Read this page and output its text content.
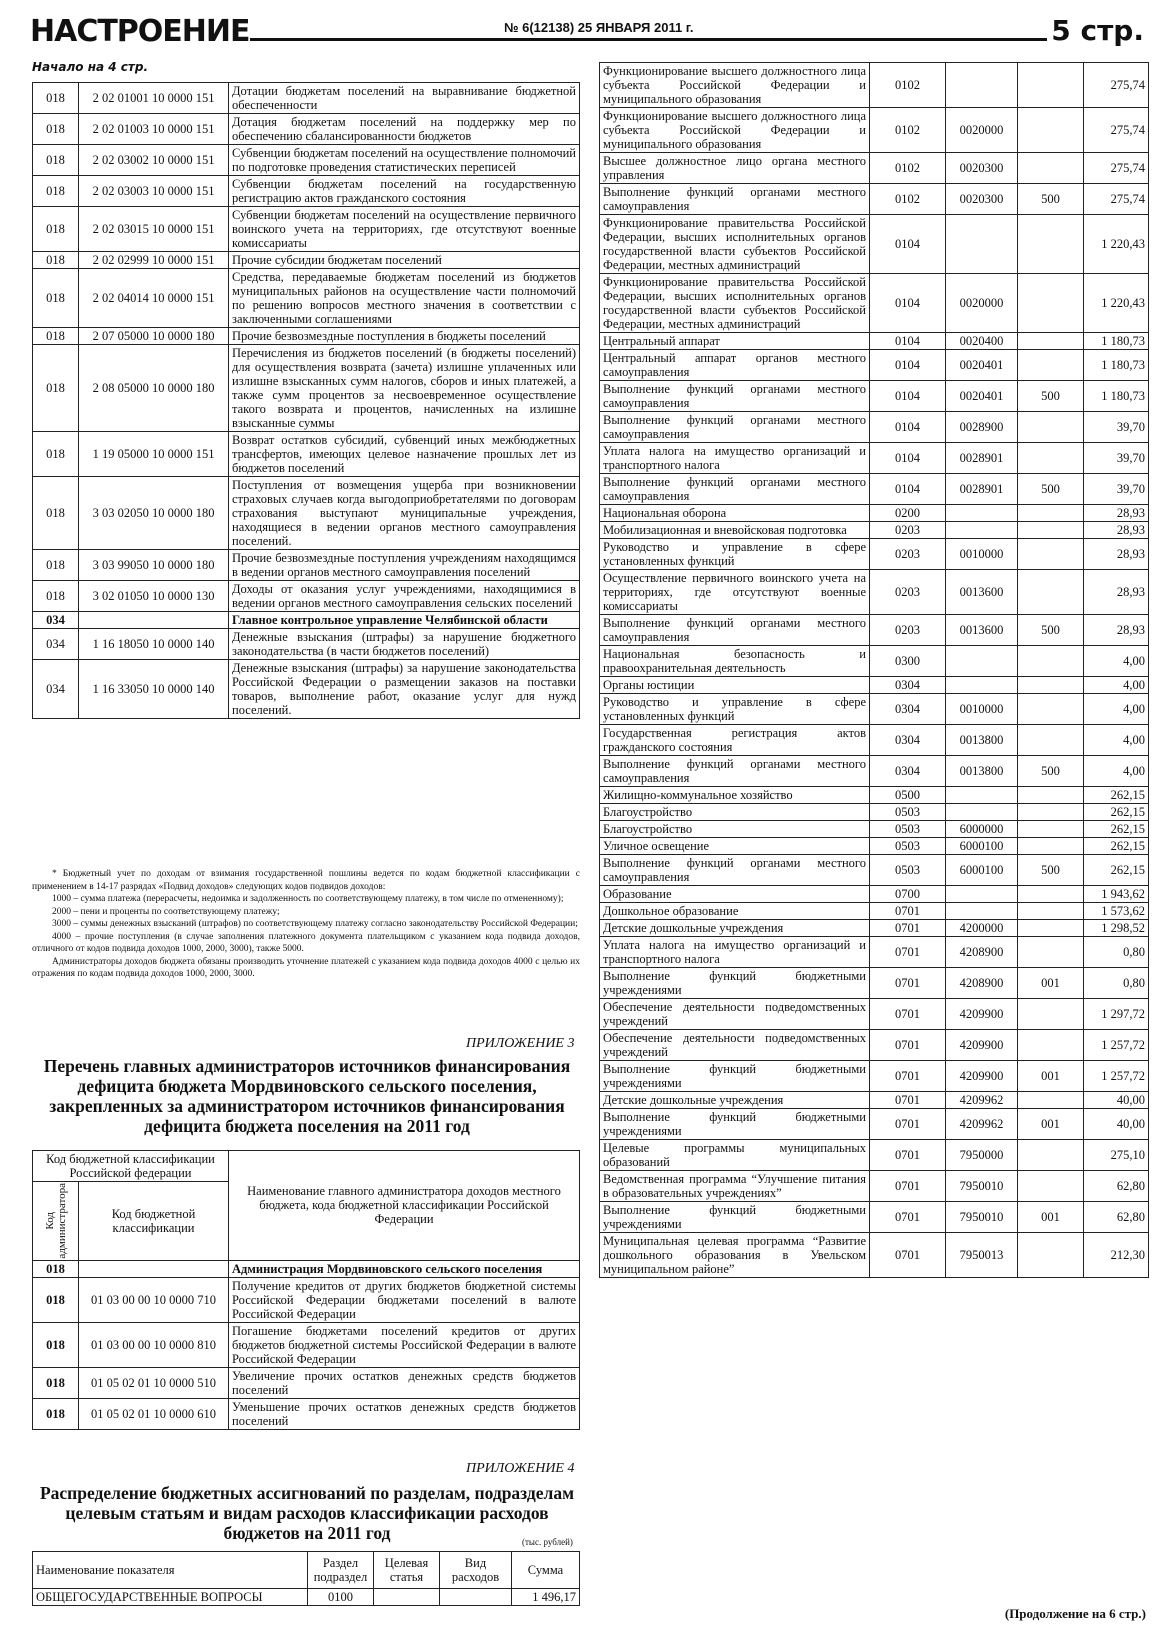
НАСТРОЕНИЕ	№ 6(12138) 25 ЯНВАРЯ 2011 г.	5 стр.
Начало на 4 стр.
018	2 02 01001 10 0000 151	Дотации бюджетам поселений на выравнивание бюджетной обеспеченности
018	2 02 01003 10 0000 151	Дотация бюджетам поселений на поддержку мер по обеспечению сбалансированности бюджетов
018	2 02 03002 10 0000 151	Субвенции бюджетам поселений на осуществление полномочий по подготовке проведения статистических переписей
018	2 02 03003 10 0000 151	Субвенции бюджетам поселений на государственную регистрацию актов гражданского состояния
018	2 02 03015 10 0000 151	Субвенции бюджетам поселений на осуществление первичного воинского учета на территориях, где отсутствуют военные комиссариаты
018	2 02 02999 10 0000 151	Прочие субсидии бюджетам поселений
018	2 02 04014 10 0000 151	Средства, передаваемые бюджетам поселений из бюджетов муниципальных районов на осуществление части полномочий по решению вопросов местного значения в соответствии с заключенными соглашениями
018	2 07 05000 10 0000 180	Прочие безвозмездные поступления в бюджеты поселений
018	2 08 05000 10 0000 180	Перечисления из бюджетов поселений (в бюджеты поселений) для осуществления возврата (зачета) излишне уплаченных или излишне взысканных сумм налогов, сборов и иных платежей, а также сумм процентов за несвоевременное осуществление такого возврата и процентов, начисленных на излишне взысканные суммы
018	1 19 05000 10 0000 151	Возврат остатков субсидий, субвенций иных межбюджетных трансфертов, имеющих целевое назначение прошлых лет из бюджетов поселений
018	3 03 02050 10 0000 180	Поступления от возмещения ущерба при возникновении страховых случаев когда выгодоприобретателями по договорам страхования выступают муниципальные учреждения, находящиеся в ведении органов местного самоуправления поселений.
018	3 03 99050 10 0000 180	Прочие безвозмездные поступления учреждениям находящимся в ведении органов местного самоуправления поселений
018	3 02 01050 10 0000 130	Доходы от оказания услуг учреждениями, находящимися в ведении органов местного самоуправления сельских поселений
034		Главное контрольное управление Челябинской области
034	1 16 18050 10 0000 140	Денежные взыскания (штрафы) за нарушение бюджетного законодательства (в части бюджетов поселений)
034	1 16 33050 10 0000 140	Денежные взыскания (штрафы) за нарушение законодательства Российской Федерации о размещении заказов на поставки товаров, выполнение работ, оказание услуг для нужд поселений.

* Бюджетный учет по доходам от взимания государственной пошлины ведется по кодам бюджетной классификации с применением в 14-17 разрядах «Подвид доходов» следующих кодов подвидов доходов:

1000 – сумма платежа (перерасчеты, недоимка и задолженность по соответствующему платежу, в том числе по отмененному);

2000 – пени и проценты по соответствующему платежу;

3000 – суммы денежных взысканий (штрафов) по соответствующему платежу согласно законодательству Российской Федерации;

4000 – прочие поступления (в случае заполнения платежного документа плательщиком с указанием кода подвида доходов, отличного от кодов подвида доходов 1000, 2000, 3000), также 5000.

Администраторы доходов бюджета обязаны производить уточнение платежей с указанием кода подвида доходов 4000 с целью их отражения по кодам подвида доходов 1000, 2000, 3000.

ПРИЛОЖЕНИЕ 3
Перечень главных администраторов источников финансирования дефицита бюджета Мордвиновского сельского поселения, закрепленных за администратором источников финансирования дефицита бюджета поселения на 2011 год
Код бюджетной классификации Российской федерации		Наименование главного администратора доходов местного бюджета, кода бюджетной классификации Российской Федерации

Код администратора	Код бюджетной классификации	
018		Администрация Мордвиновского сельского поселения
018	01 03 00 00 10 0000 710	Получение кредитов от других бюджетов бюджетной системы Российской Федерации бюджетами поселений в валюте Российской Федерации
018	01 03 00 00 10 0000 810	Погашение бюджетами поселений кредитов от других бюджетов бюджетной системы Российской Федерации в валюте Российской Федерации
018	01 05 02 01 10 0000 510	Увеличение прочих остатков денежных средств бюджетов поселений
018	01 05 02 01 10 0000 610	Уменьшение прочих остатков денежных средств бюджетов поселений
ПРИЛОЖЕНИЕ 4
Распределение бюджетных ассигнований по разделам, подразделам целевым статьям и видам расходов классификации расходов бюджетов на 2011 год	(тыс. рублей)
Наименование показателя	Раздел подраздел	Целевая статья	Вид расходов	Сумма
ОБЩЕГОСУДАРСТВЕННЫЕ ВОПРОСЫ	0100			1 496,17
Функционирование высшего должностного лица субъекта Российской Федерации и муниципального образования	0102			275,74
Функционирование высшего должностного лица субъекта Российской Федерации и муниципального образования	0102	0020000		275,74
Высшее должностное лицо органа местного управления	0102	0020300		275,74
Выполнение функций органами местного самоуправления	0102	0020300	500	275,74
Функционирование правительства Российской Федерации, высших исполнительных органов государственной власти субъектов Российской Федерации, местных администраций	0104			1 220,43
Функционирование правительства Российской Федерации, высших исполнительных органов государственной власти субъектов Российской Федерации, местных администраций	0104	0020000		1 220,43
Центральный аппарат	0104	0020400		1 180,73
Центральный аппарат органов местного самоуправления	0104	0020401		1 180,73
Выполнение функций органами местного самоуправления	0104	0020401	500	1 180,73
Выполнение функций органами местного самоуправления	0104	0028900		39,70
Уплата налога на имущество организаций и транспортного налога	0104	0028901		39,70
Выполнение функций органами местного самоуправления	0104	0028901	500	39,70
Национальная оборона	0200			28,93
Мобилизационная и вневойсковая подготовка	0203			28,93
Руководство и управление в сфере установленных функций	0203	0010000		28,93
Осуществление первичного воинского учета на территориях, где отсутствуют военные комиссариаты	0203	0013600		28,93
Выполнение функций органами местного самоуправления	0203	0013600	500	28,93
Национальная безопасность и правоохранительная деятельность	0300			4,00
Органы юстиции	0304			4,00
Руководство и управление в сфере установленных функций	0304	0010000		4,00
Государственная регистрация актов гражданского состояния	0304	0013800		4,00
Выполнение функций органами местного самоуправления	0304	0013800	500	4,00
Жилищно-коммунальное хозяйство	0500			262,15
Благоустройство	0503			262,15
Благоустройство	0503	6000000		262,15
Уличное освещение	0503	6000100		262,15
Выполнение функций органами местного самоуправления	0503	6000100	500	262,15
Образование	0700			1 943,62
Дошкольное образование	0701			1 573,62
Детские дошкольные учреждения	0701	4200000		1 298,52
Уплата налога на имущество организаций и транспортного налога	0701	4208900		0,80
Выполнение функций бюджетными учреждениями	0701	4208900	001	0,80
Обеспечение деятельности подведомственных учреждений	0701	4209900		1 297,72
Обеспечение деятельности подведомственных учреждений	0701	4209900		1 257,72
Выполнение функций бюджетными учреждениями	0701	4209900	001	1 257,72
Детские дошкольные учреждения	0701	4209962		40,00
Выполнение функций бюджетными учреждениями	0701	4209962	001	40,00
Целевые программы муниципальных образований	0701	7950000		275,10
Ведомственная программа “Улучшение питания в образовательных учреждениях”	0701	7950010		62,80
Выполнение функций бюджетными учреждениями	0701	7950010	001	62,80
Муниципальная целевая программа “Развитие дошкольного образования в Увельском муниципальном районе”	0701	7950013		212,30
(Продолжение на 6 стр.)
